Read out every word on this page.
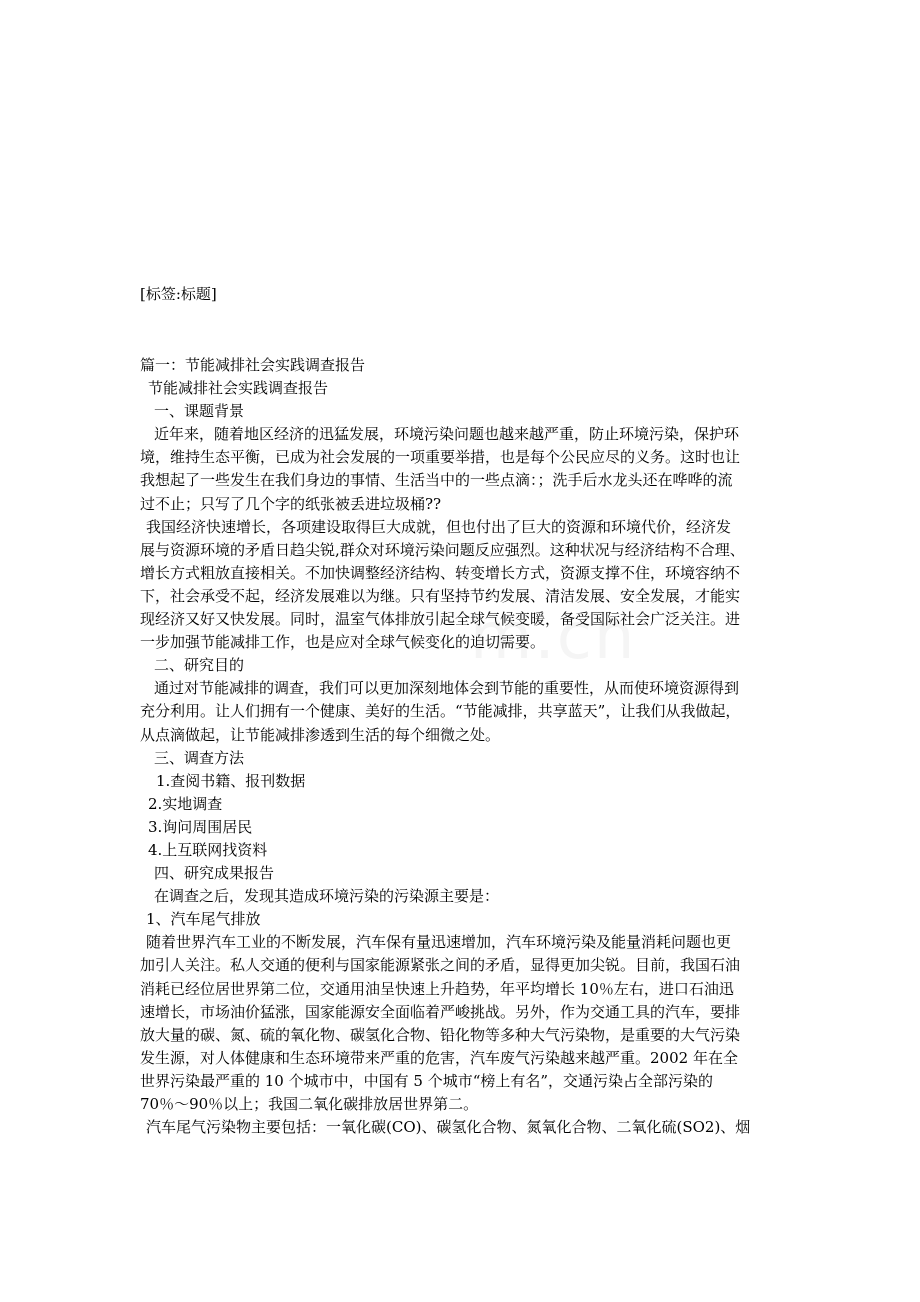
[标签:标题]
m.cn
篇一：节能减排社会实践调查报告
节能减排社会实践调查报告
一、课题背景
近年来，随着地区经济的迅猛发展，环境污染问题也越来越严重，防止环境污染，保护环
境，维持生态平衡，已成为社会发展的一项重要举措，也是每个公民应尽的义务。这时也让
我想起了一些发生在我们身边的事情、生活当中的一些点滴：；洗手后水龙头还在哗哗的流
过不止；只写了几个字的纸张被丢进垃圾桶??
我国经济快速增长，各项建设取得巨大成就，但也付出了巨大的资源和环境代价，经济发
展与资源环境的矛盾日趋尖锐,群众对环境污染问题反应强烈。这种状况与经济结构不合理、
增长方式粗放直接相关。不加快调整经济结构、转变增长方式，资源支撑不住，环境容纳不
下，社会承受不起，经济发展难以为继。只有坚持节约发展、清洁发展、安全发展，才能实
现经济又好又快发展。同时，温室气体排放引起全球气候变暖，备受国际社会广泛关注。进
一步加强节能减排工作，也是应对全球气候变化的迫切需要。
二、研究目的
通过对节能减排的调查，我们可以更加深刻地体会到节能的重要性，从而使环境资源得到
充分利用。让人们拥有一个健康、美好的生活。“节能减排，共享蓝天”，让我们从我做起，
从点滴做起，让节能减排渗透到生活的每个细微之处。
三、调查方法
1.查阅书籍、报刊数据
2.实地调查
3.询问周围居民
4.上互联网找资料
四、研究成果报告
在调查之后，发现其造成环境污染的污染源主要是：
1、汽车尾气排放
随着世界汽车工业的不断发展，汽车保有量迅速增加，汽车环境污染及能量消耗问题也更
加引人关注。私人交通的便利与国家能源紧张之间的矛盾，显得更加尖锐。目前，我国石油
消耗已经位居世界第二位，交通用油呈快速上升趋势，年平均增长 10％左右，进口石油迅
速增长，市场油价猛涨，国家能源安全面临着严峻挑战。另外，作为交通工具的汽车，要排
放大量的碳、氮、硫的氧化物、碳氢化合物、铅化物等多种大气污染物，是重要的大气污染
发生源，对人体健康和生态环境带来严重的危害，汽车废气污染越来越严重。2002 年在全
世界污染最严重的 10 个城市中，中国有 5 个城市“榜上有名”，交通污染占全部污染的
70％～90％以上；我国二氧化碳排放居世界第二。
汽车尾气污染物主要包括：一氧化碳(CO)、碳氢化合物、氮氧化合物、二氧化硫(SO2)、烟
